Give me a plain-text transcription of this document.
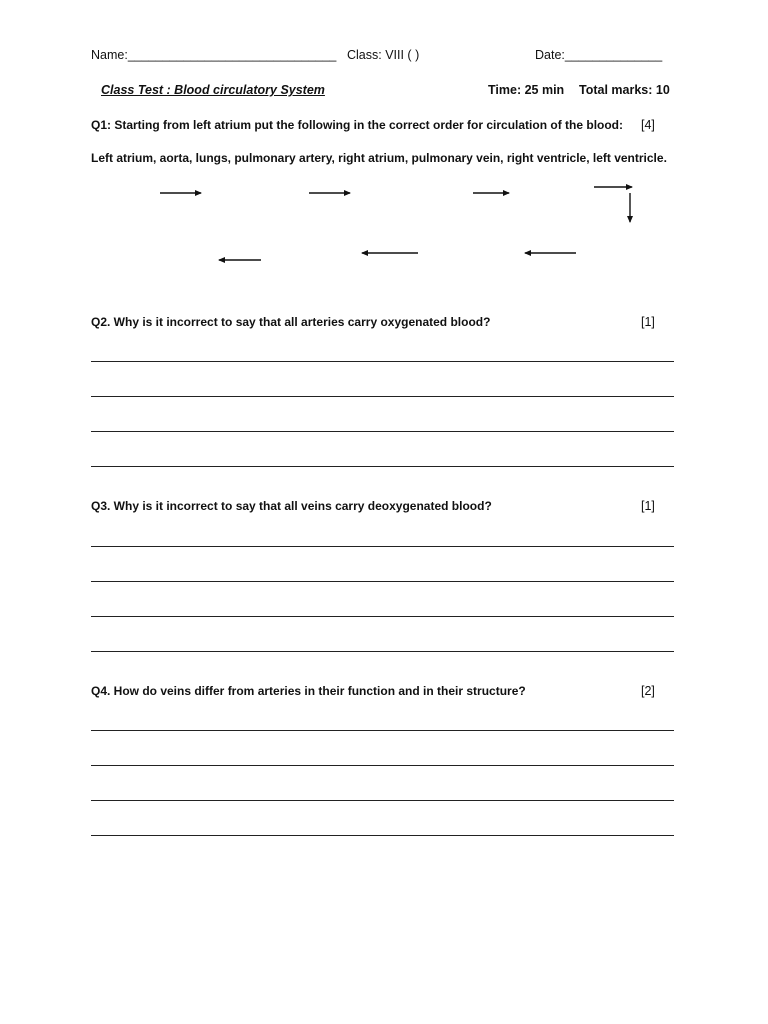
Name:______________________________ Class: VIII ( )	Date:______________
Class Test : Blood circulatory System	Time: 25 min Total marks: 10
Q1: Starting from left atrium put the following in the correct order for circulation of the blood: [4]
Left atrium, aorta, lungs, pulmonary artery, right atrium, pulmonary vein, right ventricle, left ventricle.
Q2. Why is it incorrect to say that all arteries carry oxygenated blood?	[1]
Q3. Why is it incorrect to say that all veins carry deoxygenated blood?	[1]
Q4. How do veins differ from arteries in their function and in their structure?	[2]
